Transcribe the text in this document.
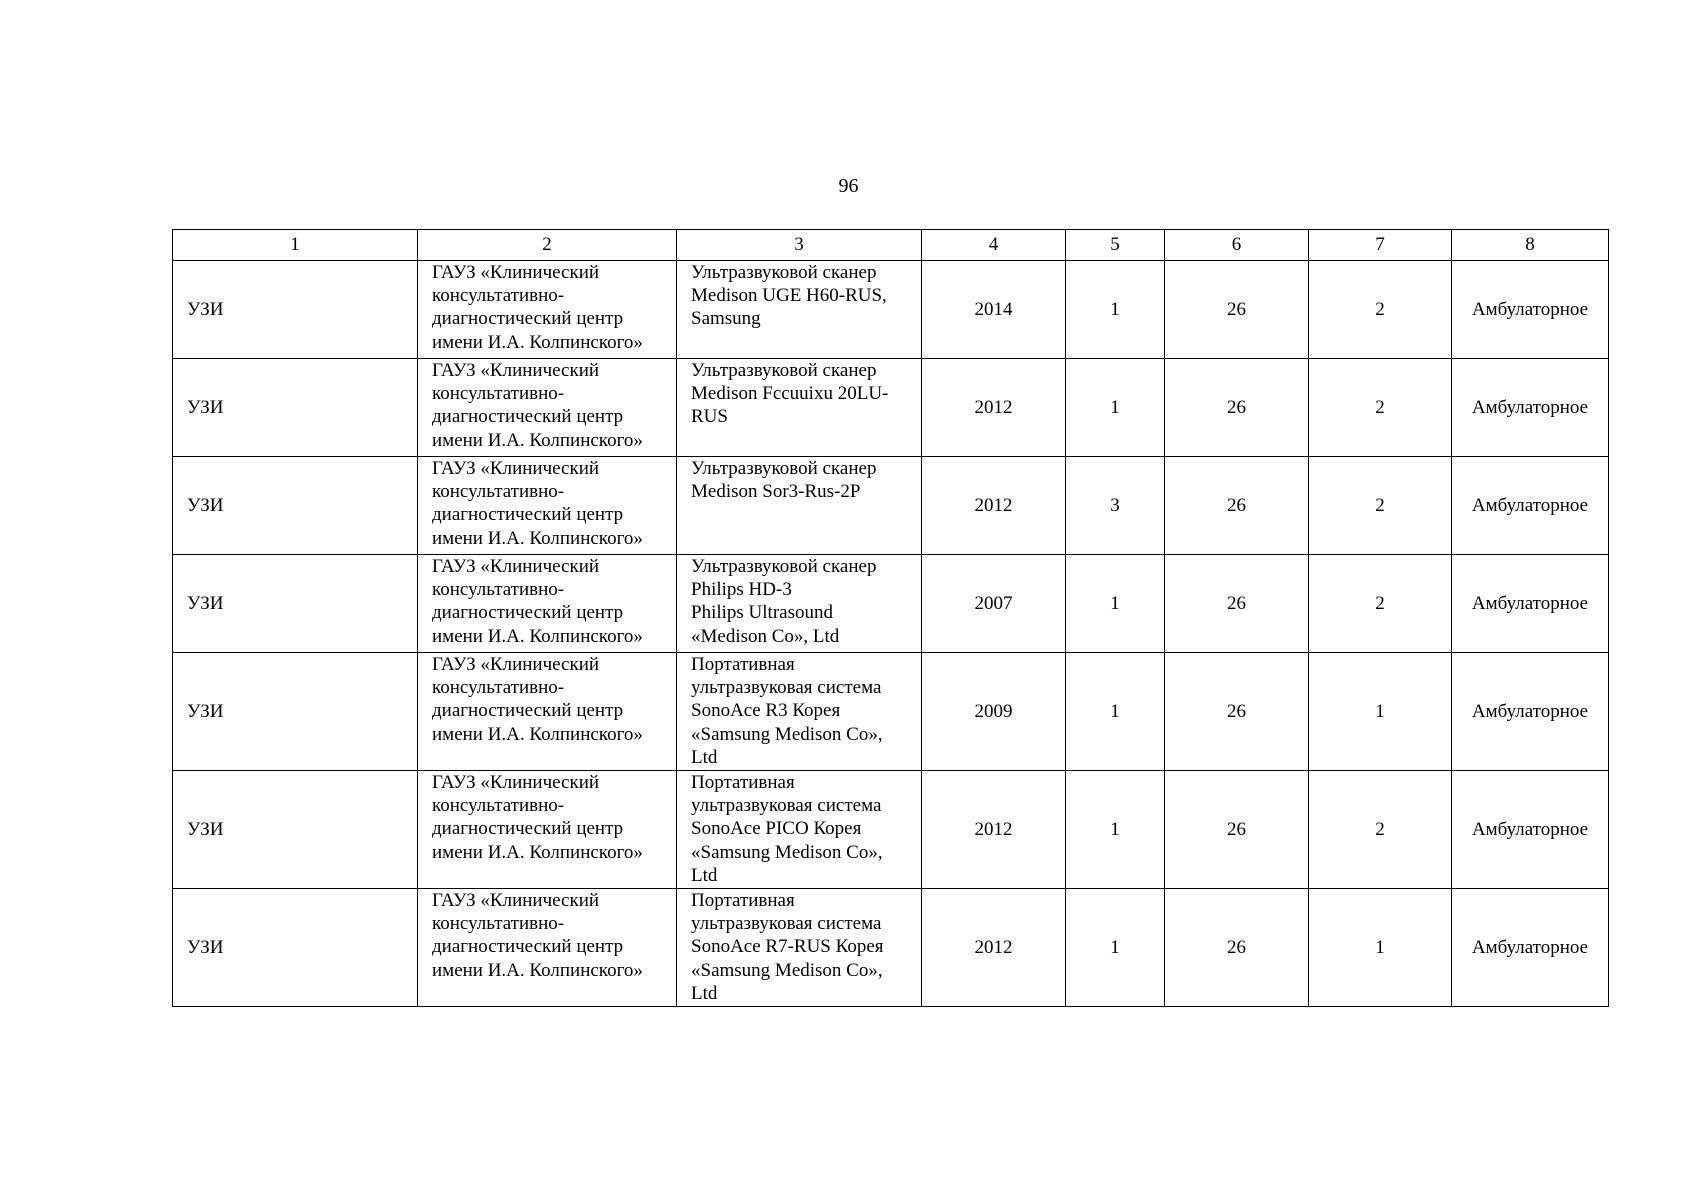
96
1	2	3	4	5	6	7	8
УЗИ	ГАУЗ «Клинический
консультативно-
диагностический центр
имени И.А. Колпинского»	Ультразвуковой сканер
Medison UGE H60-RUS,
Samsung	2014	1	26	2	Амбулаторное
УЗИ	ГАУЗ «Клинический
консультативно-
диагностический центр
имени И.А. Колпинского»	Ультразвуковой сканер
Medison Fccuuixu 20LU-
RUS	2012	1	26	2	Амбулаторное
УЗИ	ГАУЗ «Клинический
консультативно-
диагностический центр
имени И.А. Колпинского»	Ультразвуковой сканер
Medison Sor3-Rus-2P	2012	3	26	2	Амбулаторное
УЗИ	ГАУЗ «Клинический
консультативно-
диагностический центр
имени И.А. Колпинского»	Ультразвуковой сканер
Philips HD-3
Philips Ultrasound
«Medison Co», Ltd	2007	1	26	2	Амбулаторное
УЗИ	ГАУЗ «Клинический
консультативно-
диагностический центр
имени И.А. Колпинского»	Портативная
ультразвуковая система
SonoAce R3 Корея
«Samsung Medison Co»,
Ltd	2009	1	26	1	Амбулаторное
УЗИ	ГАУЗ «Клинический
консультативно-
диагностический центр
имени И.А. Колпинского»	Портативная
ультразвуковая система
SonoAce PICO Корея
«Samsung Medison Co»,
Ltd	2012	1	26	2	Амбулаторное
УЗИ	ГАУЗ «Клинический
консультативно-
диагностический центр
имени И.А. Колпинского»	Портативная
ультразвуковая система
SonoAce R7-RUS Корея
«Samsung Medison Co»,
Ltd	2012	1	26	1	Амбулаторное
